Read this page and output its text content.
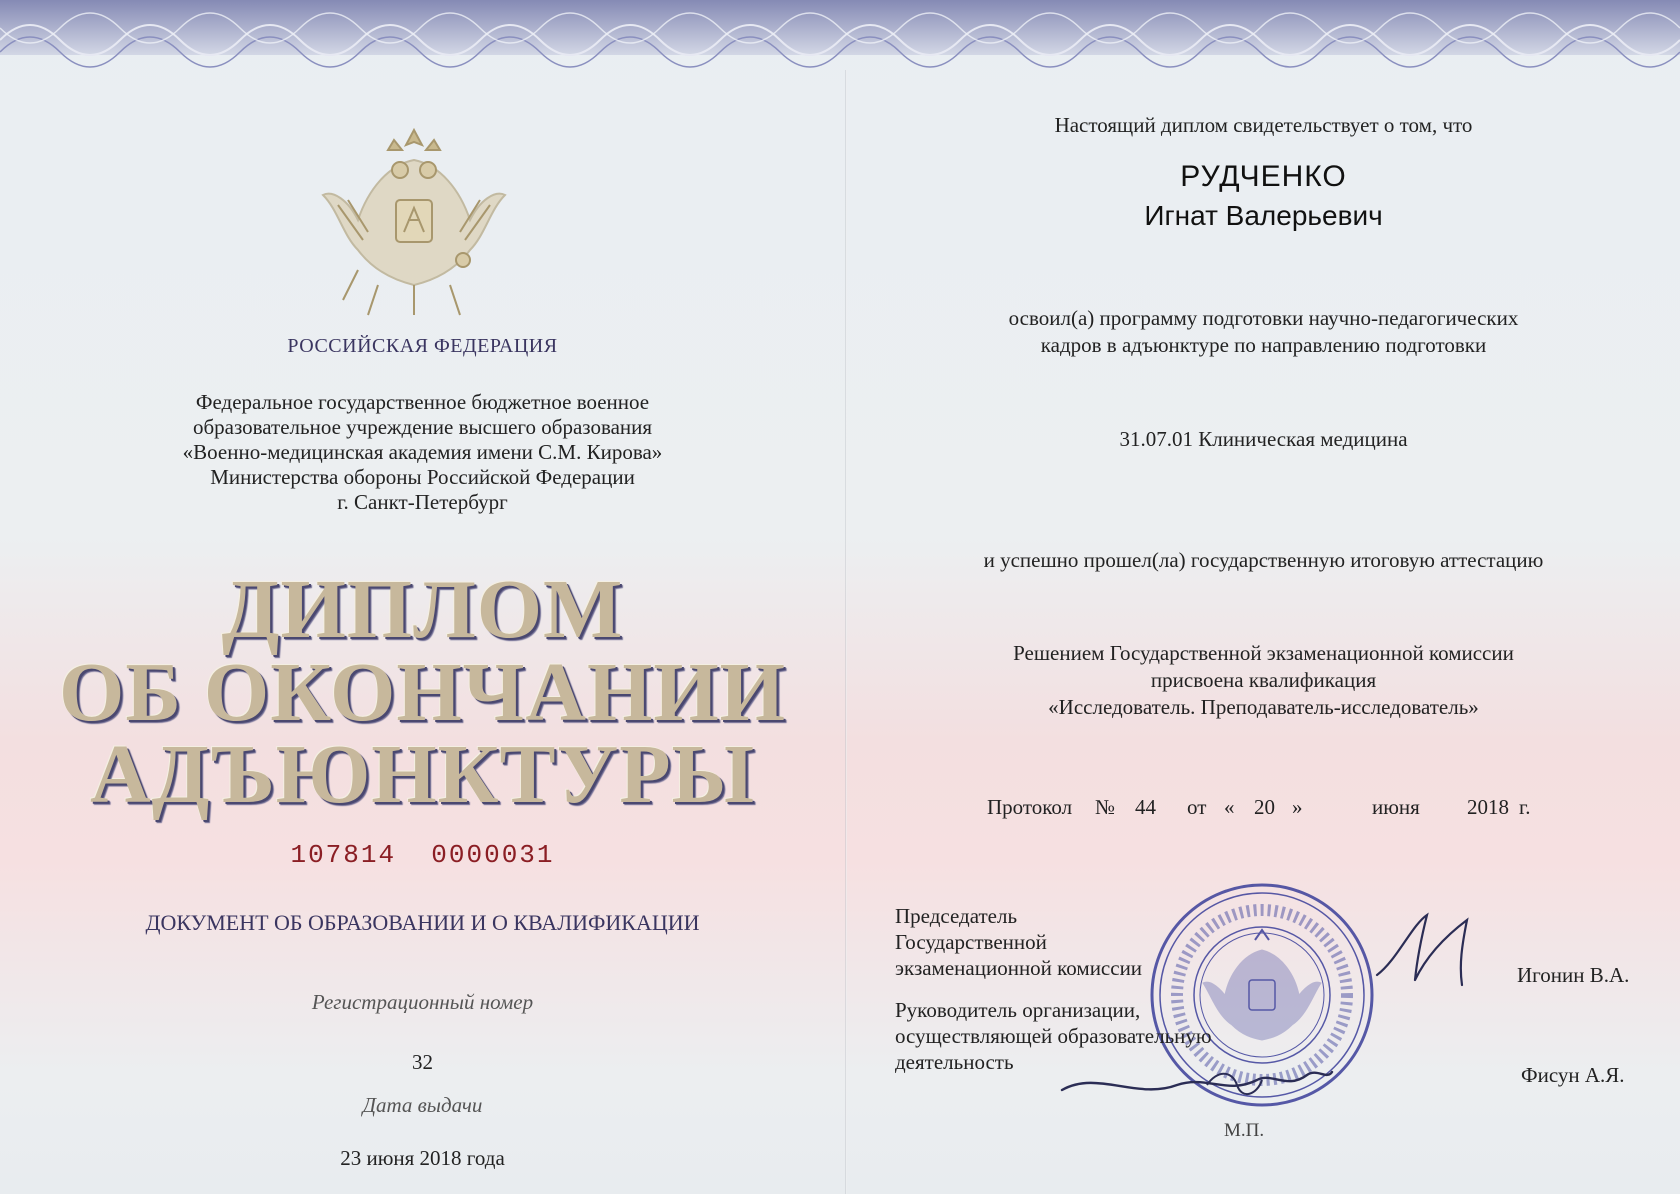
РОССИЙСКАЯ ФЕДЕРАЦИЯ
Федеральное государственное бюджетное военное
образовательное учреждение высшего образования
«Военно-медицинская академия имени С.М. Кирова»
Министерства обороны Российской Федерации
г. Санкт-Петербург
ДИПЛОМ
ОБ ОКОНЧАНИИ
АДЪЮНКТУРЫ
107814  0000031
ДОКУМЕНТ ОБ ОБРАЗОВАНИИ И О КВАЛИФИКАЦИИ
Регистрационный номер
32
Дата выдачи
23 июня 2018 года
Настоящий диплом свидетельствует о том, что
РУДЧЕНКО
Игнат Валерьевич
освоил(а) программу подготовки научно-педагогических
кадров в адъюнктуре по направлению подготовки
31.07.01 Клиническая медицина
и успешно прошел(ла) государственную итоговую аттестацию
Решением Государственной экзаменационной комиссии
присвоена квалификация
«Исследователь. Преподаватель-исследователь»
Протокол № 44 от « 20 »	июня 2018 г.
Председатель
Государственной
экзаменационной комиссии	Игонин В.А.
Руководитель организации,
осуществляющей образовательную
деятельность
Фисун А.Я.
М.П.
